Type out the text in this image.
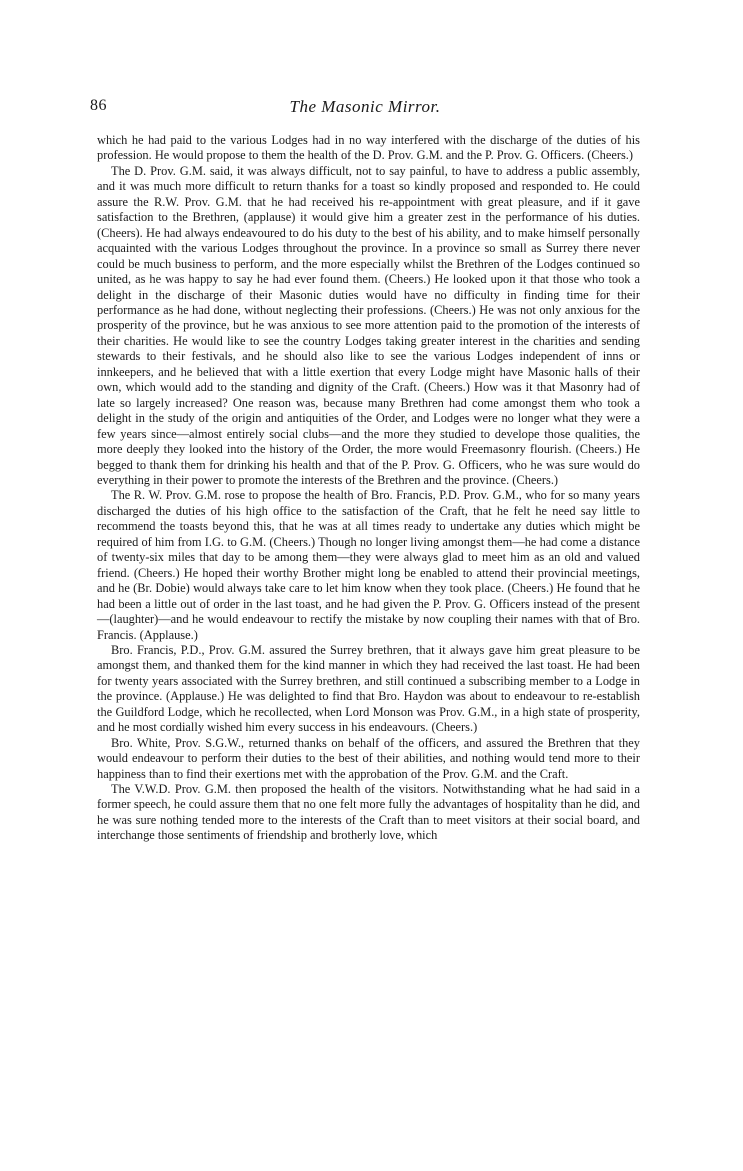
86	The Masonic Mirror.

which he had paid to the various Lodges had in no way interfered with the discharge of the duties of his profession. He would propose to them the health of the D. Prov. G.M. and the P. Prov. G. Officers. (Cheers.)

The D. Prov. G.M. said, it was always difficult, not to say painful, to have to address a public assembly, and it was much more difficult to return thanks for a toast so kindly proposed and responded to. He could assure the R.W. Prov. G.M. that he had received his re-appointment with great pleasure, and if it gave satisfaction to the Brethren, (applause) it would give him a greater zest in the performance of his duties. (Cheers). He had always endeavoured to do his duty to the best of his ability, and to make himself personally acquainted with the various Lodges throughout the province. In a province so small as Surrey there never could be much business to perform, and the more especially whilst the Brethren of the Lodges continued so united, as he was happy to say he had ever found them. (Cheers.) He looked upon it that those who took a delight in the discharge of their Masonic duties would have no difficulty in finding time for their performance as he had done, without neglecting their professions. (Cheers.) He was not only anxious for the prosperity of the province, but he was anxious to see more attention paid to the promotion of the interests of their charities. He would like to see the country Lodges taking greater interest in the charities and sending stewards to their festivals, and he should also like to see the various Lodges independent of inns or innkeepers, and he believed that with a little exertion that every Lodge might have Masonic halls of their own, which would add to the standing and dignity of the Craft. (Cheers.) How was it that Masonry had of late so largely increased? One reason was, because many Brethren had come amongst them who took a delight in the study of the origin and antiquities of the Order, and Lodges were no longer what they were a few years since—almost entirely social clubs—and the more they studied to develope those qualities, the more deeply they looked into the history of the Order, the more would Freemasonry flourish. (Cheers.) He begged to thank them for drinking his health and that of the P. Prov. G. Officers, who he was sure would do everything in their power to promote the interests of the Brethren and the province. (Cheers.)

The R. W. Prov. G.M. rose to propose the health of Bro. Francis, P.D. Prov. G.M., who for so many years discharged the duties of his high office to the satisfaction of the Craft, that he felt he need say little to recommend the toasts beyond this, that he was at all times ready to undertake any duties which might be required of him from I.G. to G.M. (Cheers.) Though no longer living amongst them—he had come a distance of twenty-six miles that day to be among them—they were always glad to meet him as an old and valued friend. (Cheers.) He hoped their worthy Brother might long be enabled to attend their provincial meetings, and he (Br. Dobie) would always take care to let him know when they took place. (Cheers.) He found that he had been a little out of order in the last toast, and he had given the P. Prov. G. Officers instead of the present—(laughter)—and he would endeavour to rectify the mistake by now coupling their names with that of Bro. Francis. (Applause.)

Bro. Francis, P.D., Prov. G.M. assured the Surrey brethren, that it always gave him great pleasure to be amongst them, and thanked them for the kind manner in which they had received the last toast. He had been for twenty years associated with the Surrey brethren, and still continued a subscribing member to a Lodge in the province. (Applause.) He was delighted to find that Bro. Haydon was about to endeavour to re-establish the Guildford Lodge, which he recollected, when Lord Monson was Prov. G.M., in a high state of prosperity, and he most cordially wished him every success in his endeavours. (Cheers.)

Bro. White, Prov. S.G.W., returned thanks on behalf of the officers, and assured the Brethren that they would endeavour to perform their duties to the best of their abilities, and nothing would tend more to their happiness than to find their exertions met with the approbation of the Prov. G.M. and the Craft.

The V.W.D. Prov. G.M. then proposed the health of the visitors. Notwithstanding what he had said in a former speech, he could assure them that no one felt more fully the advantages of hospitality than he did, and he was sure nothing tended more to the interests of the Craft than to meet visitors at their social board, and interchange those sentiments of friendship and brotherly love, which
